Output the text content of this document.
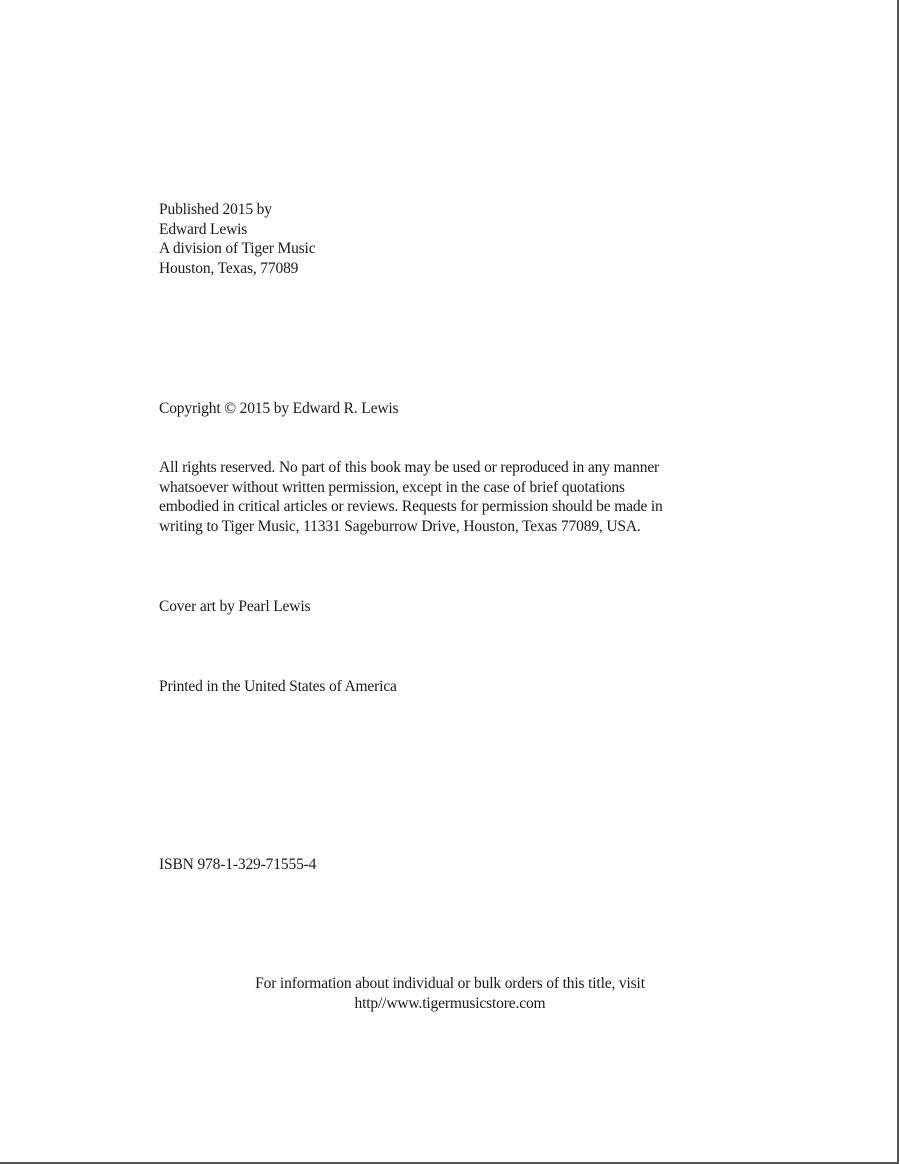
Published 2015 by
Edward Lewis
A division of Tiger Music
Houston, Texas, 77089
Copyright © 2015 by Edward R. Lewis
All rights reserved. No part of this book may be used or reproduced in any manner
whatsoever without written permission, except in the case of brief quotations
embodied in critical articles or reviews. Requests for permission should be made in
writing to Tiger Music, 11331 Sageburrow Drive, Houston, Texas 77089, USA.
Cover art by Pearl Lewis
Printed in the United States of America
ISBN 978-1-329-71555-4
For information about individual or bulk orders of this title, visit
http//www.tigermusicstore.com
